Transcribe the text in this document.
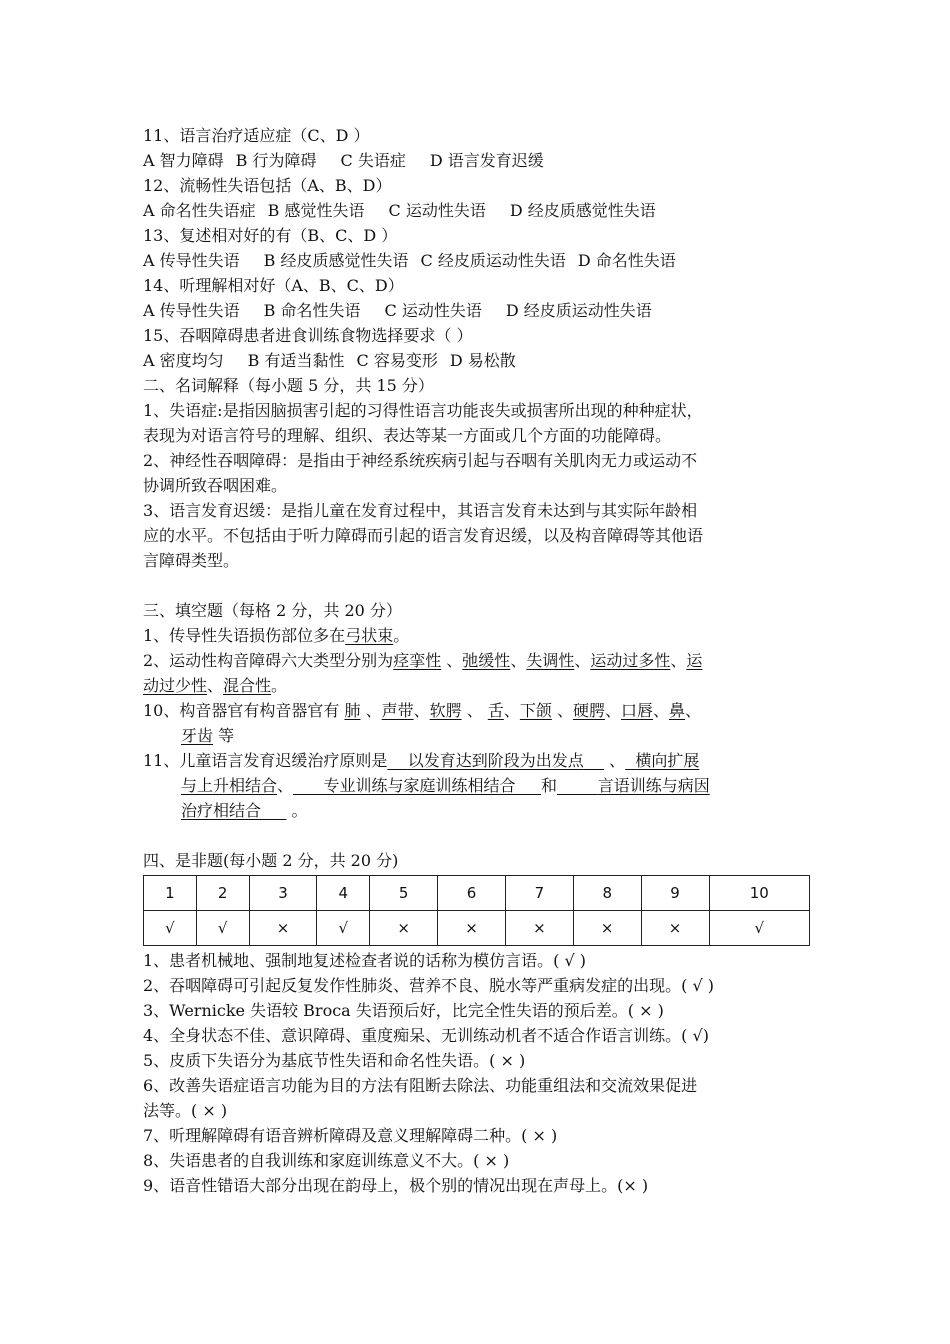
11、语言治疗适应症（C、D ）
A 智力障碍 B 行为障碍 C 失语症 D 语言发育迟缓
12、流畅性失语包括（A、B、D）
A 命名性失语症 B 感觉性失语 C 运动性失语 D 经皮质感觉性失语
13、复述相对好的有（B、C、D ）
A 传导性失语 B 经皮质感觉性失语 C 经皮质运动性失语 D 命名性失语
14、听理解相对好（A、B、C、D）
A 传导性失语 B 命名性失语 C 运动性失语 D 经皮质运动性失语
15、吞咽障碍患者进食训练食物选择要求（ ）
A 密度均匀 B 有适当黏性 C 容易变形 D 易松散
二、名词解释（每小题 5 分，共 15 分）
1、失语症:是指因脑损害引起的习得性语言功能丧失或损害所出现的种种症状，
表现为对语言符号的理解、组织、表达等某一方面或几个方面的功能障碍。
2、神经性吞咽障碍：是指由于神经系统疾病引起与吞咽有关肌肉无力或运动不
协调所致吞咽困难。
3、语言发育迟缓：是指儿童在发育过程中，其语言发育未达到与其实际年龄相
应的水平。不包括由于听力障碍而引起的语言发育迟缓，以及构音障碍等其他语
言障碍类型。
三、填空题（每格 2 分，共 20 分）
1、传导性失语损伤部位多在弓状束。
2、运动性构音障碍六大类型分别为痉挛性 、弛缓性、失调性、运动过多性、运
动过少性、混合性。
10、构音器官有构音器官有 肺 、声带、软腭 、 舌、下颌 、硬腭、口唇、鼻、
牙齿 等
11、儿童语言发育迟缓治疗原则是 以发育达到阶段为出发点     、 横向扩展
与上升相结合、 专业训练与家庭训练相结合 和	言语训练与病因
治疗相结合 。
四、是非题(每小题 2 分，共 20 分)
1	2	3	4	5	6	7	8	9	10
√	√	×	√	×	×	×	×	×	√
1、患者机械地、强制地复述检查者说的话称为模仿言语。( √ )
2、吞咽障碍可引起反复发作性肺炎、营养不良、脱水等严重病发症的出现。( √ )
3、Wernicke 失语较 Broca 失语预后好，比完全性失语的预后差。( × )
4、全身状态不佳、意识障碍、重度痴呆、无训练动机者不适合作语言训练。( √)
5、皮质下失语分为基底节性失语和命名性失语。( × )
6、改善失语症语言功能为目的方法有阻断去除法、功能重组法和交流效果促进
法等。( × )
7、听理解障碍有语音辨析障碍及意义理解障碍二种。( × )
8、失语患者的自我训练和家庭训练意义不大。( × )
9、语音性错语大部分出现在韵母上，极个别的情况出现在声母上。(× )
